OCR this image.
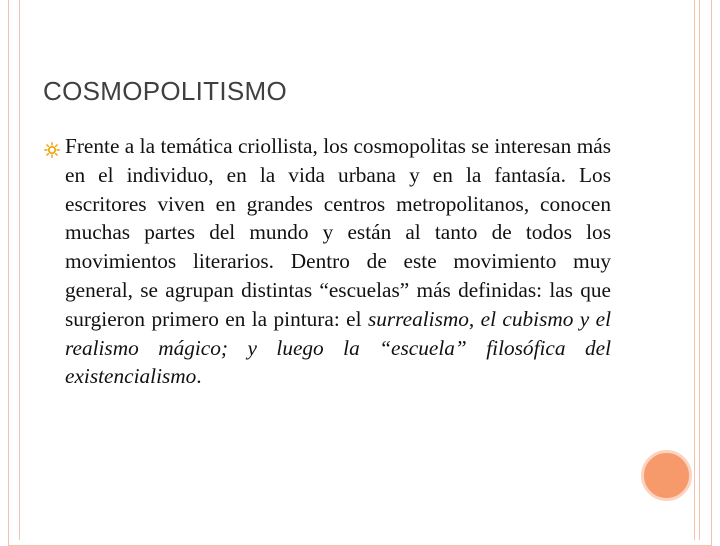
COSMOPOLITISMO

Frente a la temática criollista, los cosmopolitas se interesan más en el individuo, en la vida urbana y en la fantasía. Los escritores viven en grandes centros metropolitanos, conocen muchas partes del mundo y están al tanto de todos los movimientos literarios. Dentro de este movimiento muy general, se agrupan distintas “escuelas” más definidas: las que surgieron primero en la pintura: el surrealismo, el cubismo y el realismo mágico; y luego la “escuela” filosófica del existencialismo.
